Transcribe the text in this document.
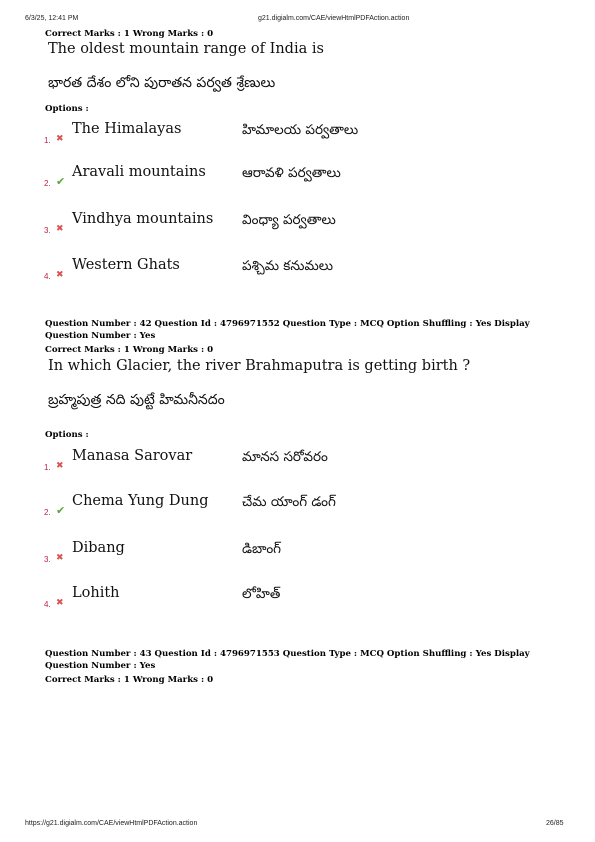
6/3/25, 12:41 PM	g21.digialm.com/CAE/viewHtmlPDFAction.action
Correct Marks : 1 Wrong Marks : 0
The oldest mountain range of India is
భారత దేశం లోని పురాతన పర్వత శ్రేణులు
Options :
1. ✖
The Himalayas	హిమాలయ పర్వతాలు
2. ✔
Aravali mountains	ఆరావళి పర్వతాలు
3. ✖
Vindhya mountains వింధ్యా పర్వతాలు
4. ✖
Western Ghats	పశ్చిమ కనుమలు
Question Number : 42 Question Id : 4796971552 Question Type : MCQ Option Shuffling : Yes Display
Question Number : Yes
Correct Marks : 1 Wrong Marks : 0
In which Glacier, the river Brahmaputra is getting birth ?
బ్రహ్మపుత్ర నది పుట్టే హిమనీనదం
Options :
1. ✖
Manasa Sarovar	మానస సరోవరం
2. ✔
Chema Yung Dung చేమ యాంగ్ డంగ్
3. ✖
Dibang	డిబాంగ్
4. ✖
Lohith	లోహిత్
Question Number : 43 Question Id : 4796971553 Question Type : MCQ Option Shuffling : Yes Display
Question Number : Yes
Correct Marks : 1 Wrong Marks : 0
https://g21.digialm.com/CAE/viewHtmlPDFAction.action	26/85
